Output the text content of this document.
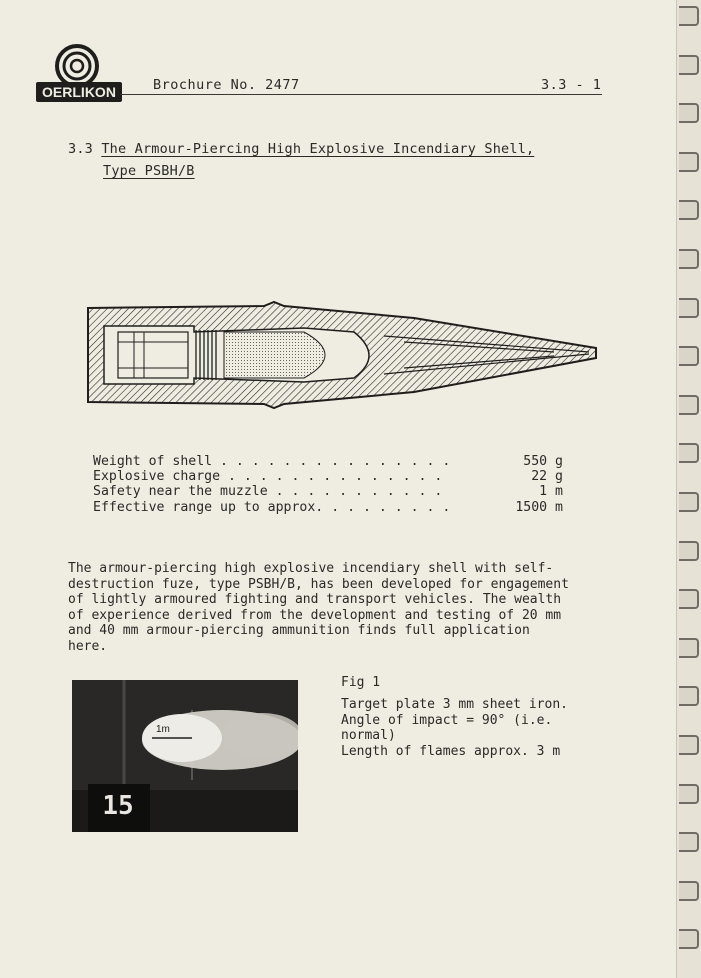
OERLIKON	Brochure No. 2477	3.3 - 1
3.3 The Armour-Piercing High Explosive Incendiary Shell,
Type PSBH/B
Weight of shell . . . . . . . . . . . . . . .	550 g
Explosive charge . . . . . . . . . . . . . .	22 g
Safety near the muzzle . . . . . . . . . . .	1 m
Effective range up to approx. . . . . . . . .	1500 m
The armour-piercing high explosive incendiary shell with self-
destruction fuze, type PSBH/B, has been developed for engagement
of lightly armoured fighting and transport vehicles. The wealth
of experience derived from the development and testing of 20 mm
and 40 mm armour-piercing ammunition finds full application
here.
1m
15
Fig 1
Target plate 3 mm sheet iron.
Angle of impact = 90° (i.e.
normal)
Length of flames approx. 3 m
